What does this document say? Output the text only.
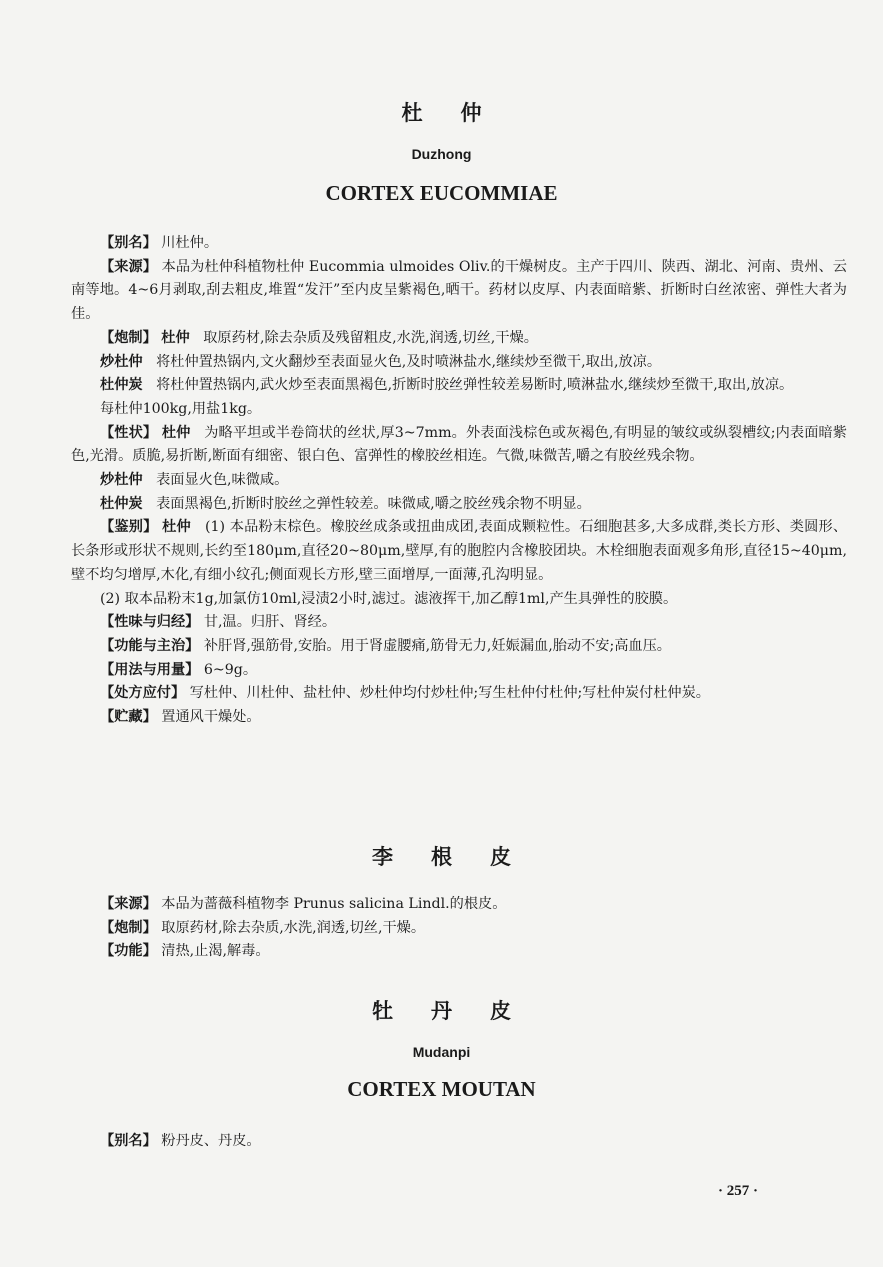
杜仲
Duzhong
CORTEX EUCOMMIAE

【别名】 川杜仲。

【来源】 本品为杜仲科植物杜仲 Eucommia ulmoides Oliv.的干燥树皮。主产于四川、陕西、湖北、河南、贵州、云南等地。4~6月剥取,刮去粗皮,堆置“发汗”至内皮呈紫褐色,晒干。药材以皮厚、内表面暗紫、折断时白丝浓密、弹性大者为佳。

【炮制】 杜仲 取原药材,除去杂质及残留粗皮,水洗,润透,切丝,干燥。

炒杜仲 将杜仲置热锅内,文火翻炒至表面显火色,及时喷淋盐水,继续炒至微干,取出,放凉。

杜仲炭 将杜仲置热锅内,武火炒至表面黑褐色,折断时胶丝弹性较差易断时,喷淋盐水,继续炒至微干,取出,放凉。

每杜仲100kg,用盐1kg。

【性状】 杜仲 为略平坦或半卷筒状的丝状,厚3~7mm。外表面浅棕色或灰褐色,有明显的皱纹或纵裂槽纹;内表面暗紫色,光滑。质脆,易折断,断面有细密、银白色、富弹性的橡胶丝相连。气微,味微苦,嚼之有胶丝残余物。

炒杜仲 表面显火色,味微咸。

杜仲炭 表面黑褐色,折断时胶丝之弹性较差。味微咸,嚼之胶丝残余物不明显。

【鉴别】 杜仲 (1) 本品粉末棕色。橡胶丝成条或扭曲成团,表面成颗粒性。石细胞甚多,大多成群,类长方形、类圆形、长条形或形状不规则,长约至180μm,直径20~80μm,壁厚,有的胞腔内含橡胶团块。木栓细胞表面观多角形,直径15~40μm,壁不均匀增厚,木化,有细小纹孔;侧面观长方形,壁三面增厚,一面薄,孔沟明显。

(2) 取本品粉末1g,加氯仿10ml,浸渍2小时,滤过。滤液挥干,加乙醇1ml,产生具弹性的胶膜。

【性味与归经】 甘,温。归肝、肾经。

【功能与主治】 补肝肾,强筋骨,安胎。用于肾虚腰痛,筋骨无力,妊娠漏血,胎动不安;高血压。

【用法与用量】 6~9g。

【处方应付】 写杜仲、川杜仲、盐杜仲、炒杜仲均付炒杜仲;写生杜仲付杜仲;写杜仲炭付杜仲炭。

【贮藏】 置通风干燥处。

李根皮

【来源】 本品为蔷薇科植物李 Prunus salicina Lindl.的根皮。

【炮制】 取原药材,除去杂质,水洗,润透,切丝,干燥。

【功能】 清热,止渴,解毒。

牡丹皮
Mudanpi
CORTEX MOUTAN

【别名】 粉丹皮、丹皮。

· 257 ·
